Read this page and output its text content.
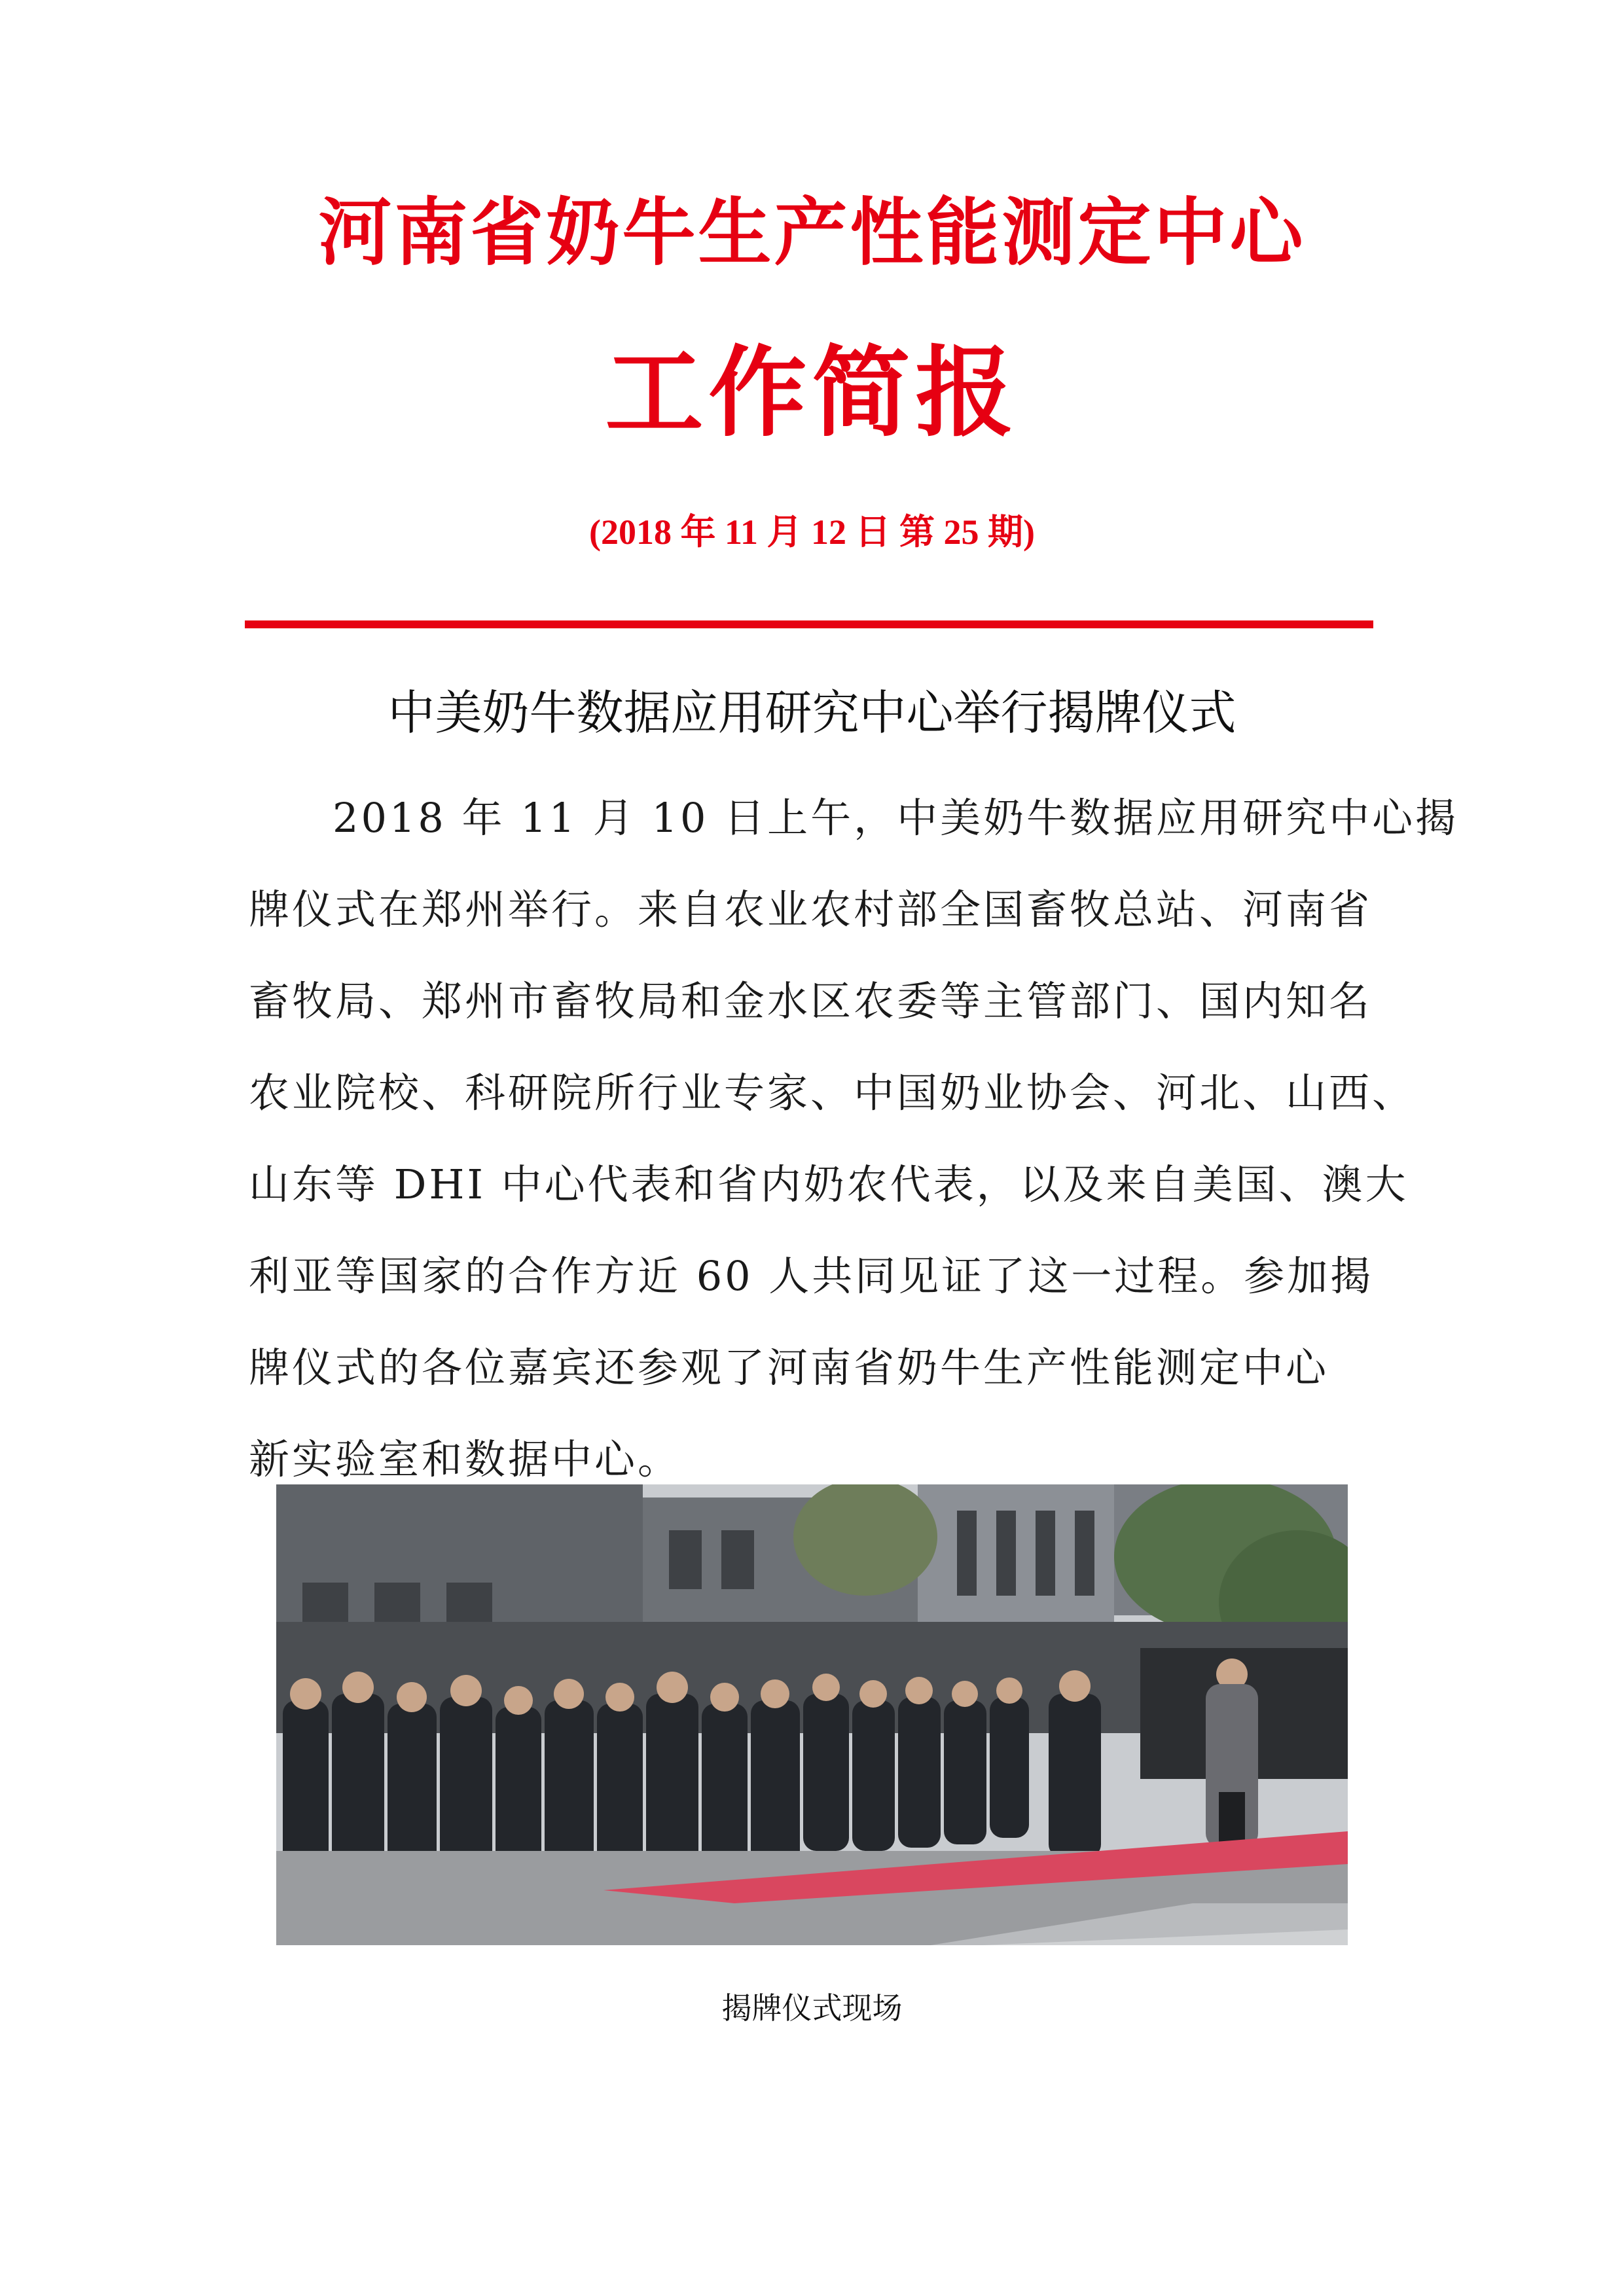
河南省奶牛生产性能测定中心
工作简报
(2018 年 11 月 12 日 第 25 期)
中美奶牛数据应用研究中心举行揭牌仪式
2018 年 11 月 10 日上午，中美奶牛数据应用研究中心揭
牌仪式在郑州举行。来自农业农村部全国畜牧总站、河南省
畜牧局、郑州市畜牧局和金水区农委等主管部门、国内知名
农业院校、科研院所行业专家、中国奶业协会、河北、山西、
山东等 DHI 中心代表和省内奶农代表，以及来自美国、澳大
利亚等国家的合作方近 60 人共同见证了这一过程。参加揭
牌仪式的各位嘉宾还参观了河南省奶牛生产性能测定中心
新实验室和数据中心。
揭牌仪式现场
